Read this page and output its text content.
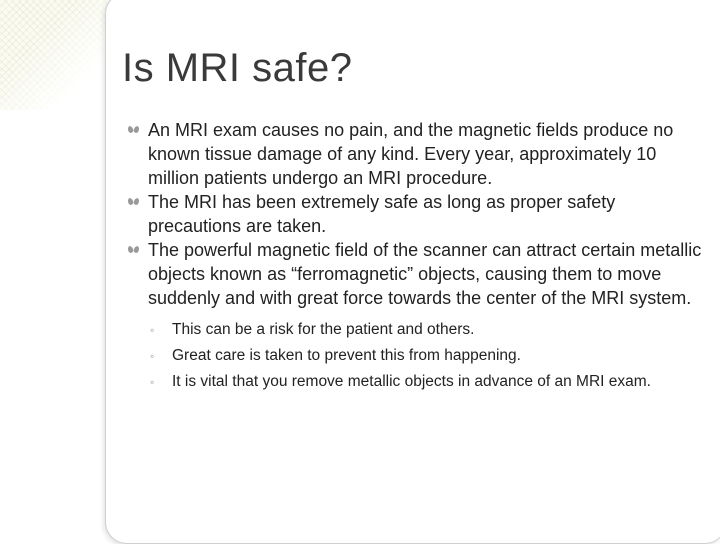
Is MRI safe?
An MRI exam causes no pain, and the magnetic fields produce no known tissue damage of any kind. Every year, approximately 10 million patients undergo an MRI procedure.
The MRI has been extremely safe as long as proper safety precautions are taken.
The powerful magnetic field of the scanner can attract certain metallic objects known as “ferromagnetic” objects, causing them to move suddenly and with great force towards the center of the MRI system.
◦ This can be a risk for the patient and others.
◦ Great care is taken to prevent this from happening.
◦ It is vital that you remove metallic objects in advance of an MRI exam.
